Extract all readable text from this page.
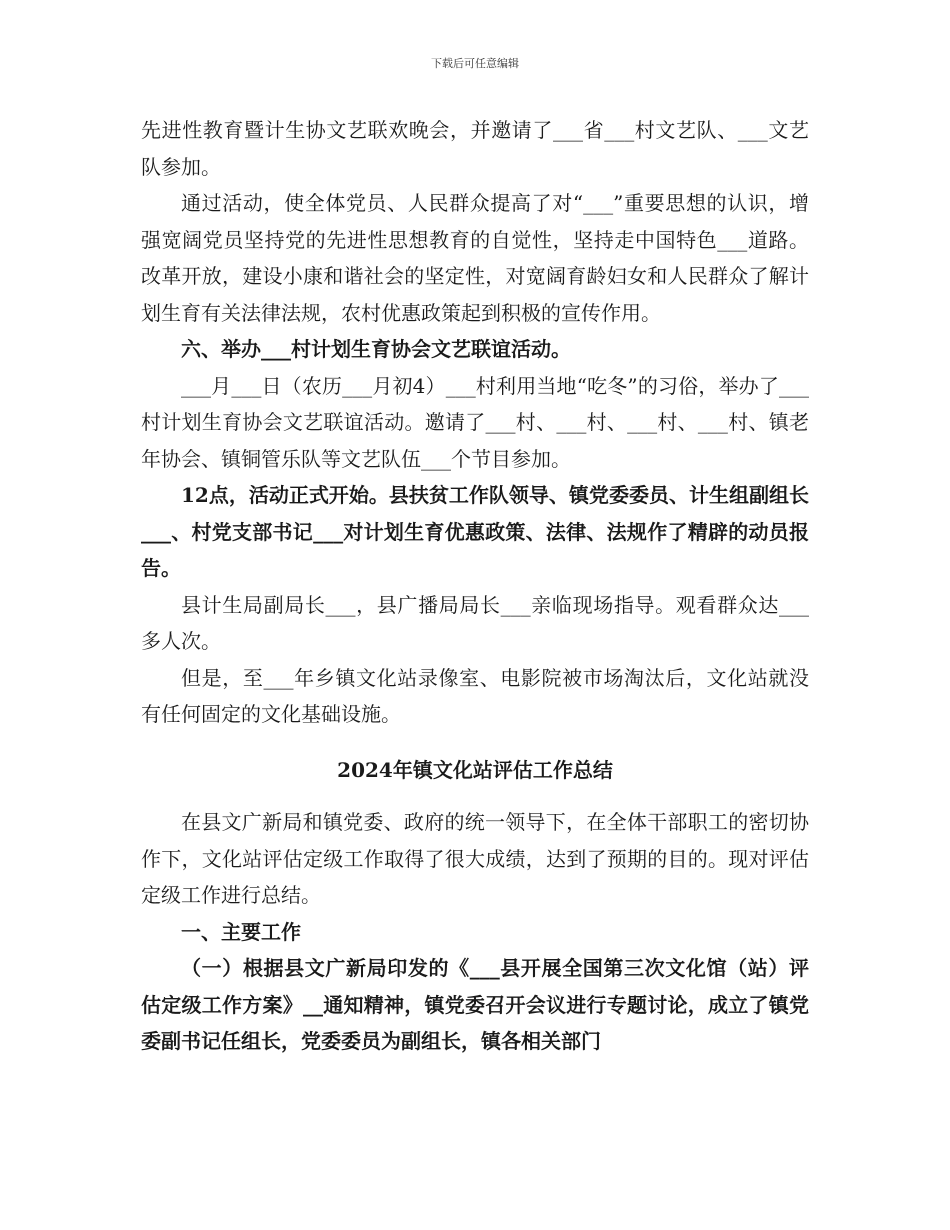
下载后可任意编辑

先进性教育暨计生协文艺联欢晚会，并邀请了___省___村文艺队、___文艺队参加。

通过活动，使全体党员、人民群众提高了对“___”重要思想的认识，增强宽阔党员坚持党的先进性思想教育的自觉性，坚持走中国特色___道路。改革开放，建设小康和谐社会的坚定性，对宽阔育龄妇女和人民群众了解计划生育有关法律法规，农村优惠政策起到积极的宣传作用。

六、举办___村计划生育协会文艺联谊活动。

___月___日（农历___月初4）___村利用当地“吃冬”的习俗，举办了___村计划生育协会文艺联谊活动。邀请了___村、___村、___村、___村、镇老年协会、镇铜管乐队等文艺队伍___个节目参加。

12点，活动正式开始。县扶贫工作队领导、镇党委委员、计生组副组长___、村党支部书记___对计划生育优惠政策、法律、法规作了精辟的动员报告。

县计生局副局长___，县广播局局长___亲临现场指导。观看群众达___多人次。

但是，至___年乡镇文化站录像室、电影院被市场淘汰后，文化站就没有任何固定的文化基础设施。

2024年镇文化站评估工作总结

在县文广新局和镇党委、政府的统一领导下，在全体干部职工的密切协作下，文化站评估定级工作取得了很大成绩，达到了预期的目的。现对评估定级工作进行总结。

一、主要工作

（一）根据县文广新局印发的《___县开展全国第三次文化馆（站）评估定级工作方案》__通知精神，镇党委召开会议进行专题讨论，成立了镇党委副书记任组长，党委委员为副组长，镇各相关部门
